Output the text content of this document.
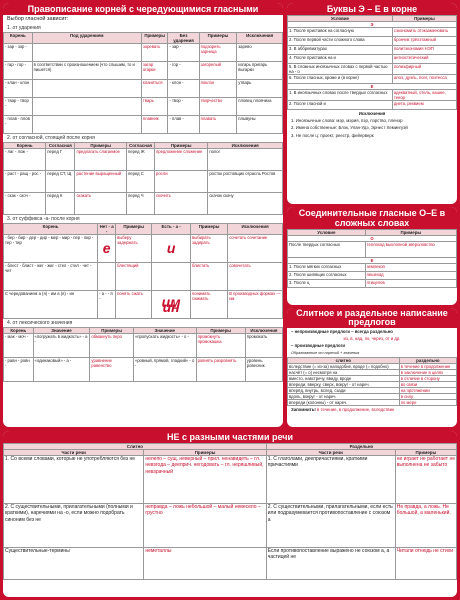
Правописание корней с чередующимися гласными
Выбор гласной зависит:
1. от ударения
Корень	Под ударением	Примеры	Без ударения	Примеры	Исключения
- зар - зор -		зоревать	- зар -	подзорить зарница	зарево
- гар - гор -	в соответствии с произношением (что слышим, то и пишется)	загар огарки	- гор -	загорелый	изгарь пригарь выгарки
- клан - клон -		кланяться	- клон -	поклон	утварь
- твар - твор -		тварь	- твор -	творчество	пловец пловчиха
- плав - плов -		плавник	- плав -	плавать	плывуны
2. от согласной, стоящей после корня
Корень	Согласная	Примеры	Согласная	Примеры	Исключения
- лаг - лож -	перед Г	предлагать слагаемое	перед Ж	предложение сложение	полог
- раст - ращ - рос -	перед СТ, Щ	растение выращенный	перед С	росли	росток ростовщик отрасль Ростов
- скак - скоч -	перед К	скакать	перед Ч	скочить	скачок скачу
3. от суффикса -а- после корня
Корень	Нет - а -	Примеры	Есть - а -	Примеры	Исключения
- бер - бир - дер - дир - мер - мир - пер - пир - тер - тир	е	выберу задержать	и	выбирать задирать	сочетать сочетание
- блест - блист - жег - жиг - стел - стил - чет - чит		блестящий		блистать	совочетать
С чередованием а (я) - им а (я) - ин	- а - - я -	понять сжать	им ин	понимать сжимать	В производных формах — им
4. от лексического значения
Корень	Значение	Примеры	Значение	Примеры	Исключения
- мак - моч -	«погружать в жидкость» - а -	обмакнуть перо	«пропускать жидкость» - о -	промокнуть промокашка	промокать
- равн - ровн -	«одинаковый» - а -	уравнение равенство	«ровный, прямой, гладкий» - о -	ровнять разровнять	уровень ровесник
Буквы Э – Е в корне
Условие	Примеры
Э	
1. После приставок на согласную	сэкономить отэкзаменовать
2. После первой части сложного слова	брэнчик трёхэтажный
3. В аббревиатурах	политэкономия НЭП
4. После приставок на и	антиэстетический
5. В сложных иноязычных словах с первой частью на - о	полиэфирный
6. После гласных, кроме и (в корне)	алоэ, дуэль, поэт, поэтесса
Е	
1. В иноязычных словах после твердых согласных	адекватный, отель, кашне, тенор
2. После гласной и	диета, реквием
Исключения
1. Иноязычные слова: мэр, мэрия, пэр, пэрство, пленэр
2. Имена собственные: Блэк, Улан-Удэ, Эрнест Хемингуэй
3. Не после ц: проект, реестр, фейерверк
Соединительные гласные О–Е в сложных словах
Условие	Примеры
О	
После твердых согласных	теплоход выхлопной звероловство
Е	
1. После мягких согласных	землекоп
2. После шипящих согласных	пешеход
3. После ц	птицелов
Слитное и раздельное написание предлогов
– непроизводные предлоги – всегда раздельно
из, в, над, по, через, от и др.
– производные предлоги
Образованные от наречий + значения
слитно	раздельно
вследствие (= из-за) наподобие, вроде (= подобно)	в течение в продолжение
насчёт (= о) несмотря на	в заключение в целях
вместо, навстречу, ввиду, вроде	в отличие в сторону
впереди, вверху, сверх, вокруг - от нареч.	во связи
вперёд, внутрь, вслед, сзади	на протяжении
вдоль, вокруг - от нареч.	в силу
впереди (колонны) - от нареч.	по мере
Запомнить! в течение, в продолжение, вследствие
НЕ с разными частями речи
Слитно		Раздельно	
Части речи	Примеры	Части речи	Примеры
1. Со всеми словами, которые не употребляются без не	нелепо – сущ. неверный – прил. ненавидеть – гл. невзгода – дееприч. негодовать – гл. неряшливый, невзрачный	1. С глаголами, деепричастиями, краткими причастиями	не играет не работает не выполнена не забыто
2. С существительными, прилагательными (полными и краткими), наречиями на -о, если можно подобрать синоним без не	неправда – ложь небольшой – малый невесело – грустно	2. С существительными, прилагательными, если есть или подразумевается противопоставление с союзом а	Не правда, а ложь. Не большой, а маленький.
Существительные-термины	неметаллы	Если противопоставление выражено не союзом а, а частицей не	Читали отнюдь не стихи
